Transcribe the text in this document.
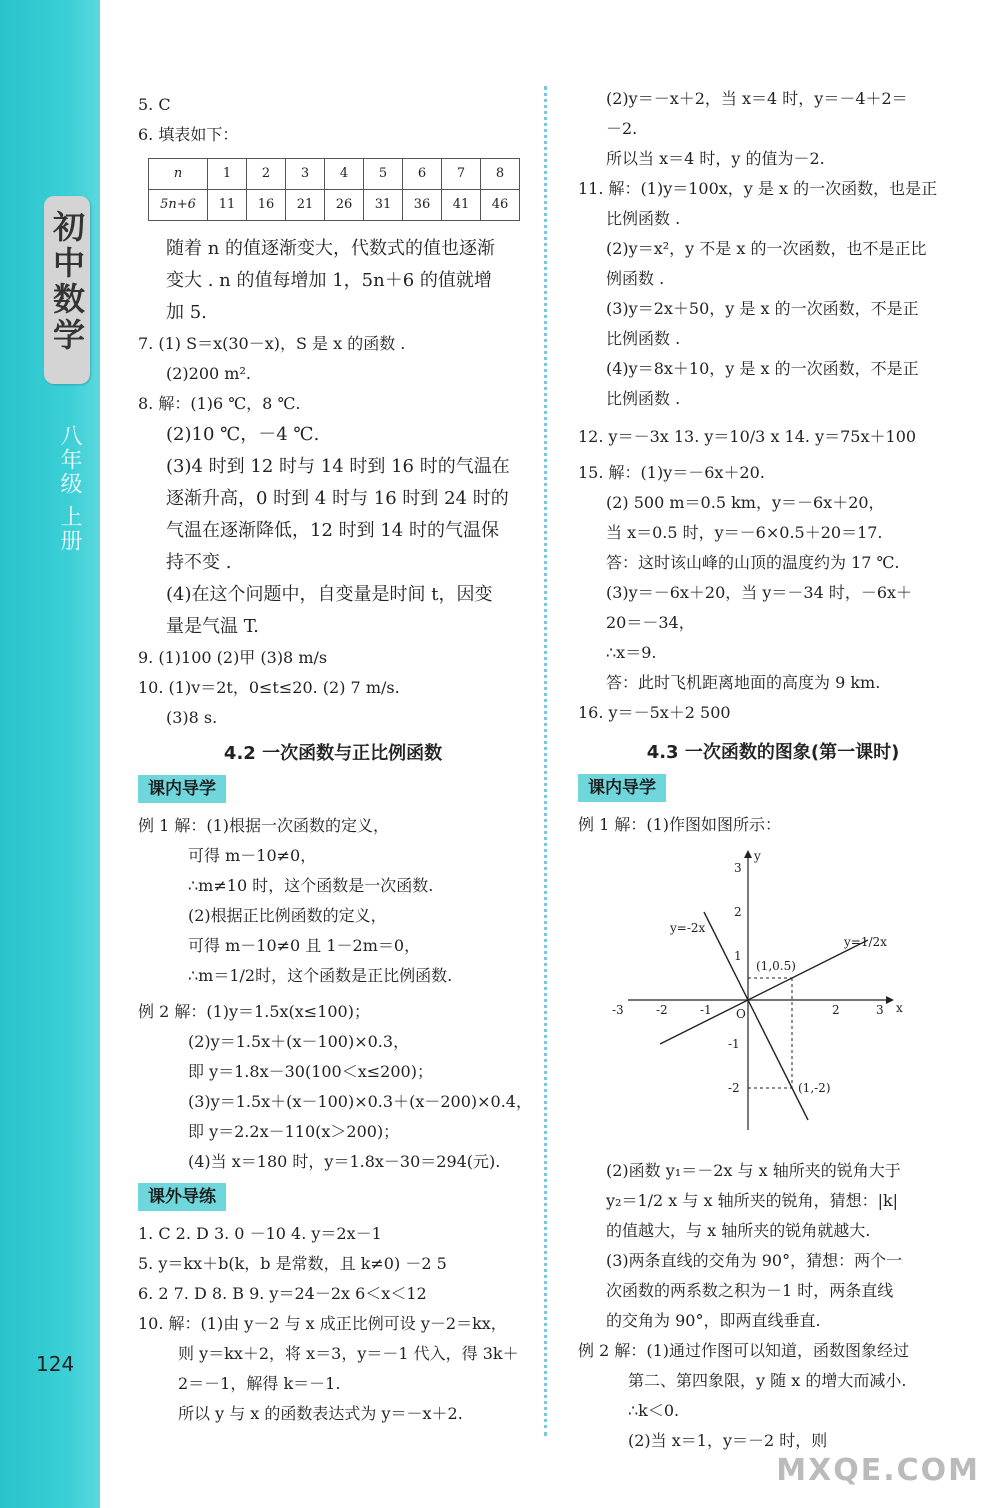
初中数学
八年级 上册
124
5. C
6. 填表如下：
n	1	2	3	4	5	6	7	8
5n+6	11	16	21	26	31	36	41	46
随着 n 的值逐渐变大，代数式的值也逐渐
变大 . n 的值每增加 1，5n＋6 的值就增
加 5.
7. (1) S＝x(30－x)，S 是 x 的函数 .
(2)200 m².
8. 解：(1)6 ℃，8 ℃.
(2)10 ℃，－4 ℃.
(3)4 时到 12 时与 14 时到 16 时的气温在
逐渐升高，0 时到 4 时与 16 时到 24 时的
气温在逐渐降低，12 时到 14 时的气温保
持不变 .
(4)在这个问题中，自变量是时间 t，因变
量是气温 T.
9. (1)100 (2)甲 (3)8 m/s
10. (1)v＝2t，0≤t≤20. (2) 7 m/s.
(3)8 s.
4.2 一次函数与正比例函数
课内导学
例 1 解：(1)根据一次函数的定义，
可得 m－10≠0，
∴m≠10 时，这个函数是一次函数.
(2)根据正比例函数的定义，
可得 m－10≠0 且 1－2m＝0，
∴m＝1/2时，这个函数是正比例函数.
例 2 解：(1)y＝1.5x(x≤100)；
(2)y＝1.5x＋(x－100)×0.3，
即 y＝1.8x－30(100＜x≤200)；
(3)y＝1.5x＋(x－100)×0.3＋(x－200)×0.4，
即 y＝2.2x－110(x＞200)；
(4)当 x＝180 时，y＝1.8x－30＝294(元).
课外导练
1. C 2. D 3. 0 －10 4. y＝2x－1
5. y＝kx＋b(k，b 是常数，且 k≠0) －2 5
6. 2 7. D 8. B 9. y＝24－2x 6＜x＜12
10. 解：(1)由 y－2 与 x 成正比例可设 y－2＝kx，
则 y＝kx＋2，将 x＝3，y＝－1 代入，得 3k＋
2＝－1，解得 k＝－1.
所以 y 与 x 的函数表达式为 y＝－x＋2.
(2)y＝－x＋2，当 x＝4 时，y＝－4＋2＝
－2.
所以当 x＝4 时，y 的值为－2.
11. 解：(1)y＝100x，y 是 x 的一次函数，也是正
比例函数 .
(2)y＝x²，y 不是 x 的一次函数，也不是正比
例函数 .
(3)y＝2x＋50，y 是 x 的一次函数，不是正
比例函数 .
(4)y＝8x＋10，y 是 x 的一次函数，不是正
比例函数 .
12. y＝－3x 13. y＝10/3 x 14. y＝75x＋100
15. 解：(1)y＝－6x＋20.
(2) 500 m＝0.5 km，y＝－6x＋20，
当 x＝0.5 时，y＝－6×0.5＋20＝17.
答：这时该山峰的山顶的温度约为 17 ℃.
(3)y＝－6x＋20，当 y＝－34 时，－6x＋
20＝－34，
∴x＝9.
答：此时飞机距离地面的高度为 9 km.
16. y＝－5x＋2 500
4.3 一次函数的图象(第一课时)
课内导学
例 1 解：(1)作图如图所示：
x
y
O
-3	-2	-1	2	3
3
2
1
-1
-2
y=-2x
y=1/2x
(1,0.5)
(1,-2)
(2)函数 y₁＝－2x 与 x 轴所夹的锐角大于
y₂＝1/2 x 与 x 轴所夹的锐角，猜想：|k|
的值越大，与 x 轴所夹的锐角就越大.
(3)两条直线的交角为 90°，猜想：两个一
次函数的两系数之积为－1 时，两条直线
的交角为 90°，即两直线垂直.
例 2 解：(1)通过作图可以知道，函数图象经过
第二、第四象限，y 随 x 的增大而减小.
∴k＜0.
(2)当 x＝1，y＝－2 时，则
MXQE.COM
